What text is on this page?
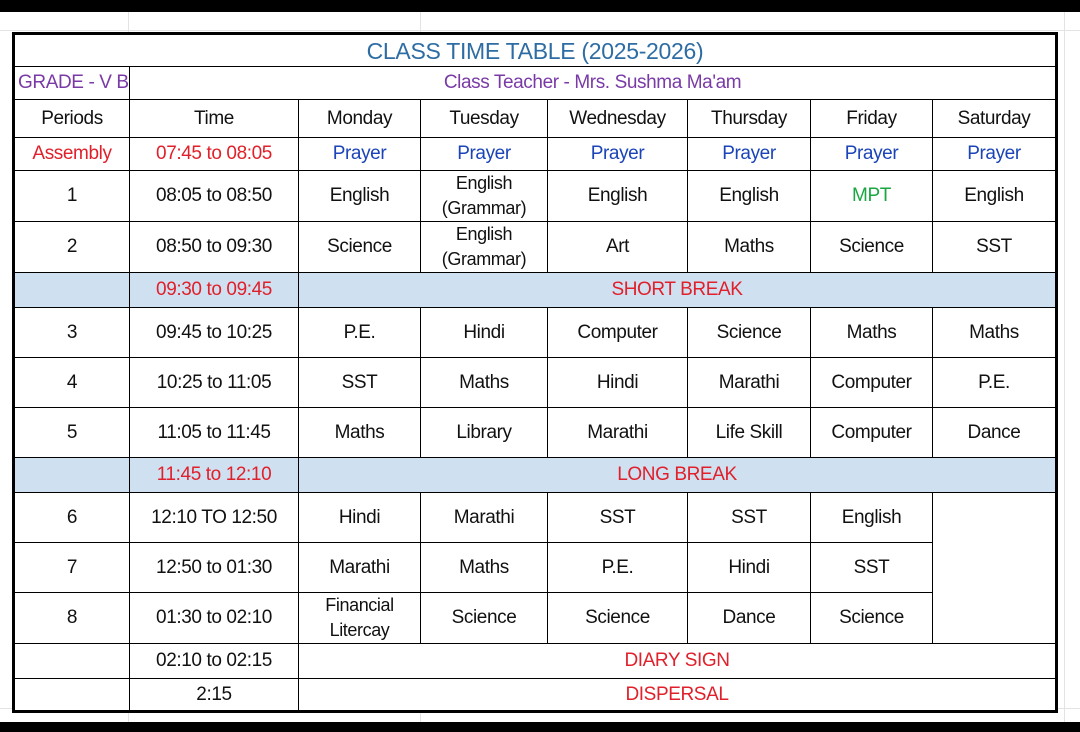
CLASS TIME TABLE (2025-2026)							
GRADE - V B	Class Teacher - Mrs. Sushma Ma'am						
Periods	Time	Monday	Tuesday	Wednesday	Thursday	Friday	Saturday
Assembly	07:45 to 08:05	Prayer	Prayer	Prayer	Prayer	Prayer	Prayer
1	08:05 to 08:50	English	English (Grammar)	English	English	MPT	English
2	08:50 to 09:30	Science	English (Grammar)	Art	Maths	Science	SST
	09:30 to 09:45	SHORT BREAK					
3	09:45 to 10:25	P.E.	Hindi	Computer	Science	Maths	Maths
4	10:25 to 11:05	SST	Maths	Hindi	Marathi	Computer	P.E.
5	11:05 to 11:45	Maths	Library	Marathi	Life Skill	Computer	Dance
	11:45 to 12:10	LONG BREAK					
6	12:10 TO 12:50	Hindi	Marathi	SST	SST	English	
7	12:50 to 01:30	Marathi	Maths	P.E.	Hindi	SST	
8	01:30 to 02:10	Financial Litercay	Science	Science	Dance	Science	
	02:10 to 02:15	DIARY SIGN					
	2:15	DISPERSAL					
